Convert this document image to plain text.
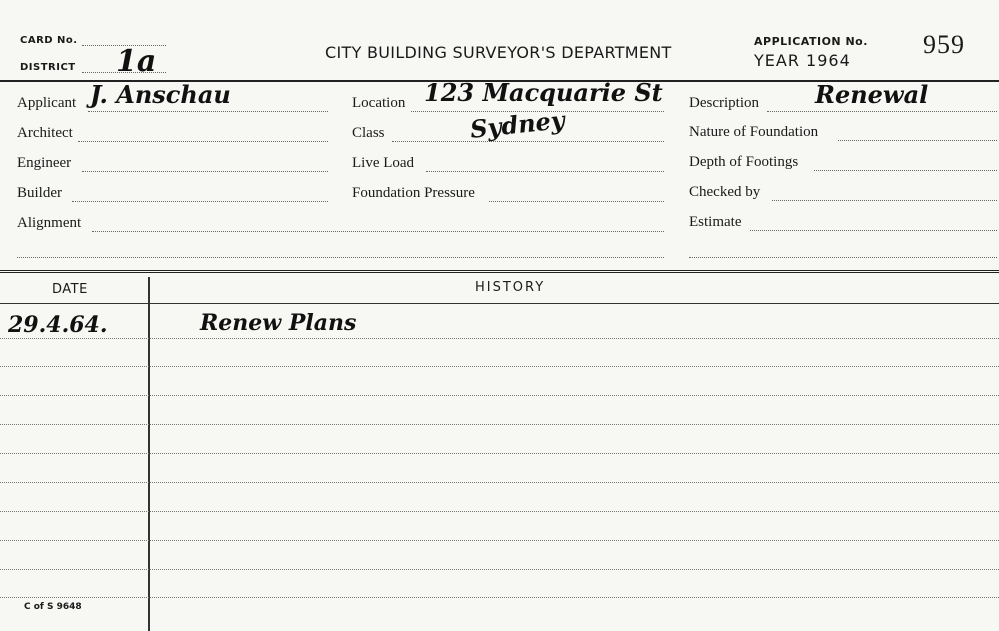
CARD No.
DISTRICT 1a	CITY BUILDING SURVEYOR'S DEPARTMENT
APPLICATION No.
YEAR 1964
959
Applicant J. Anschau
Architect
Engineer
Builder
Alignment
Location 123 Macquarie St
Class	Sydney
Live Load
Foundation Pressure
Description Renewal
Nature of Foundation
Depth of Footings
Checked by
Estimate
DATE	HISTORY
29.4.64.	Renew Plans
C of S 9648
